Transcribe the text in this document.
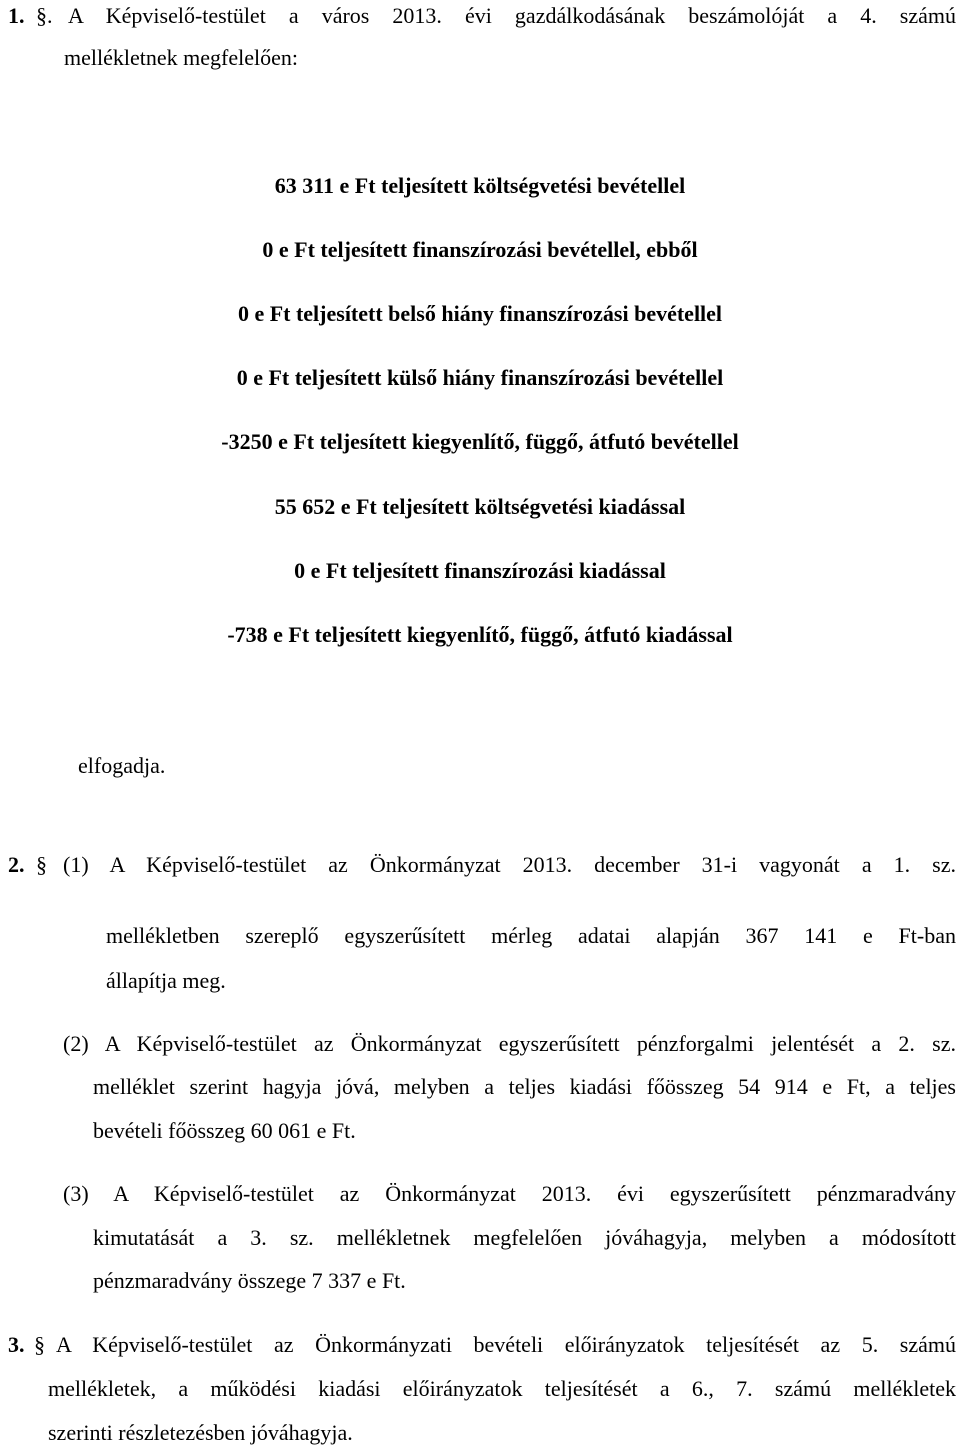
1. §. A Képviselő-testület a város 2013. évi gazdálkodásának beszámolóját a 4. számú
mellékletnek megfelelően:
63 311 e Ft teljesített költségvetési bevétellel
0 e Ft teljesített finanszírozási bevétellel, ebből
0 e Ft teljesített belső hiány finanszírozási bevétellel
0 e Ft teljesített külső hiány finanszírozási bevétellel
-3250 e Ft teljesített kiegyenlítő, függő, átfutó bevétellel
55 652 e Ft teljesített költségvetési kiadással
0 e Ft teljesített finanszírozási kiadással
-738 e Ft teljesített kiegyenlítő, függő, átfutó kiadással
elfogadja.
2. § (1) A Képviselő-testület az Önkormányzat 2013. december 31-i vagyonát a 1. sz.
mellékletben szereplő egyszerűsített mérleg adatai alapján 367 141 e Ft-ban
állapítja meg.
(2) A Képviselő-testület az Önkormányzat egyszerűsített pénzforgalmi jelentését a 2. sz.
melléklet szerint hagyja jóvá, melyben a teljes kiadási főösszeg 54 914 e Ft, a teljes
bevételi főösszeg 60 061 e Ft.
(3) A Képviselő-testület az Önkormányzat 2013. évi egyszerűsített pénzmaradvány
kimutatását a 3. sz. mellékletnek megfelelően jóváhagyja, melyben a módosított
pénzmaradvány összege 7 337 e Ft.
3. § A Képviselő-testület az Önkormányzati bevételi előirányzatok teljesítését az 5. számú
mellékletek, a működési kiadási előirányzatok teljesítését a 6., 7. számú mellékletek
szerinti részletezésben jóváhagyja.
